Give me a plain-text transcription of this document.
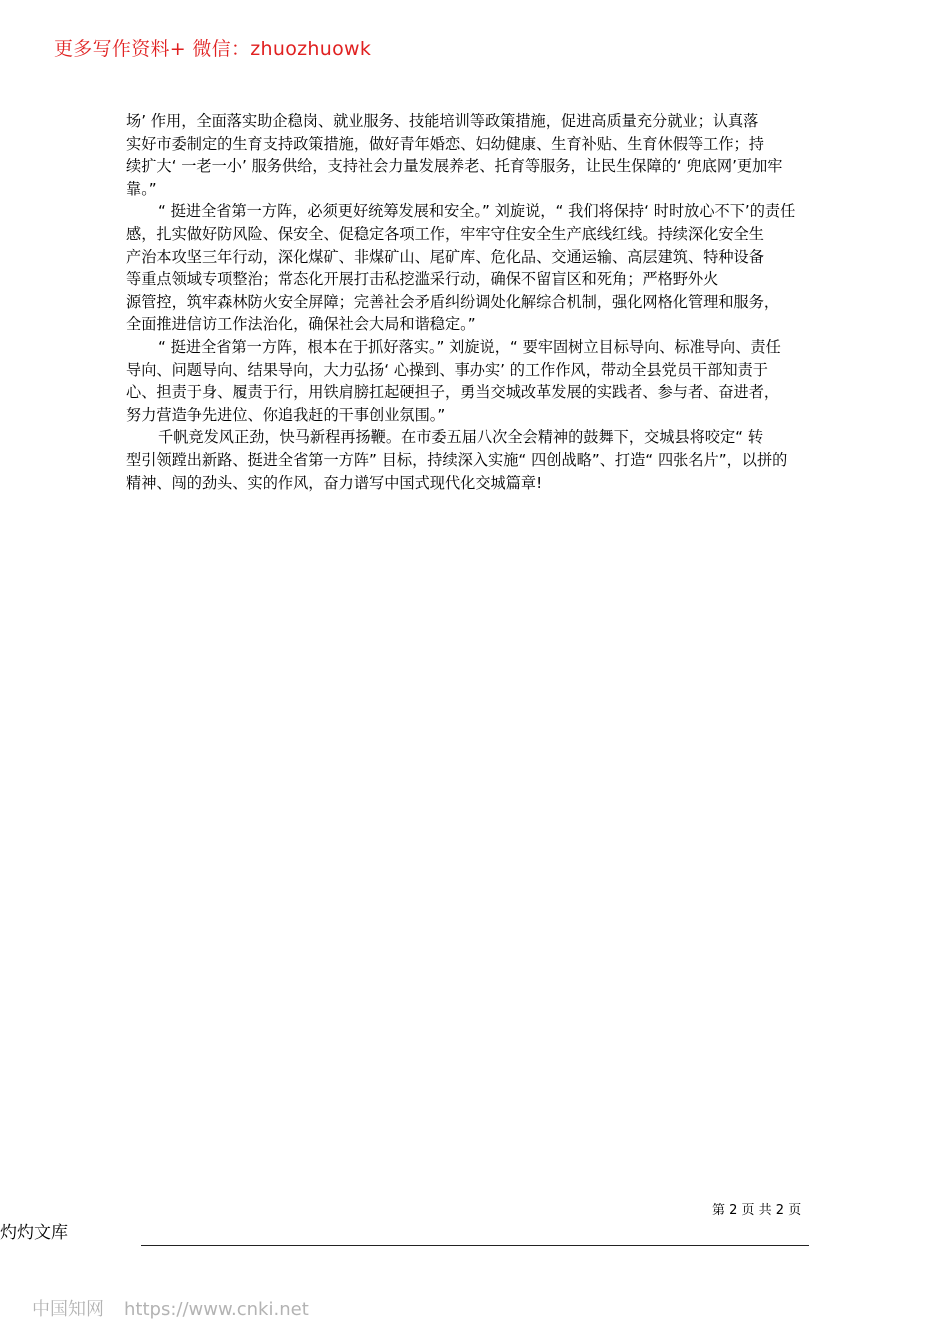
更多写作资料+ 微信：zhuozhuowk
场’ 作用，全面落实助企稳岗、就业服务、技能培训等政策措施，促进高质量充分就业；认真落
实好市委制定的生育支持政策措施，做好青年婚恋、妇幼健康、生育补贴、生育休假等工作；持
续扩大‘ 一老一小’ 服务供给，支持社会力量发展养老、托育等服务，让民生保障的‘ 兜底网’更加牢
靠。”
“ 挺进全省第一方阵，必须更好统筹发展和安全。” 刘旋说，“ 我们将保持‘ 时时放心不下’的责任
感，扎实做好防风险、保安全、促稳定各项工作，牢牢守住安全生产底线红线。持续深化安全生
产治本攻坚三年行动，深化煤矿、非煤矿山、尾矿库、危化品、交通运输、高层建筑、特种设备
等重点领域专项整治；常态化开展打击私挖滥采行动，确保不留盲区和死角；严格野外火
源管控，筑牢森林防火安全屏障；完善社会矛盾纠纷调处化解综合机制，强化网格化管理和服务，
全面推进信访工作法治化，确保社会大局和谐稳定。”
“ 挺进全省第一方阵，根本在于抓好落实。” 刘旋说，“ 要牢固树立目标导向、标准导向、责任
导向、问题导向、结果导向，大力弘扬‘ 心操到、事办实’ 的工作作风，带动全县党员干部知责于
心、担责于身、履责于行，用铁肩膀扛起硬担子，勇当交城改革发展的实践者、参与者、奋进者，
努力营造争先进位、你追我赶的干事创业氛围。”
千帆竞发风正劲，快马新程再扬鞭。在市委五届八次全会精神的鼓舞下，交城县将咬定“ 转
型引领蹚出新路、挺进全省第一方阵” 目标，持续深入实施“ 四创战略”、打造“ 四张名片”，以拼的
精神、闯的劲头、实的作风，奋力谱写中国式现代化交城篇章!
第 2 页 共 2 页
灼灼文库
中国知网 https://www.cnki.net
